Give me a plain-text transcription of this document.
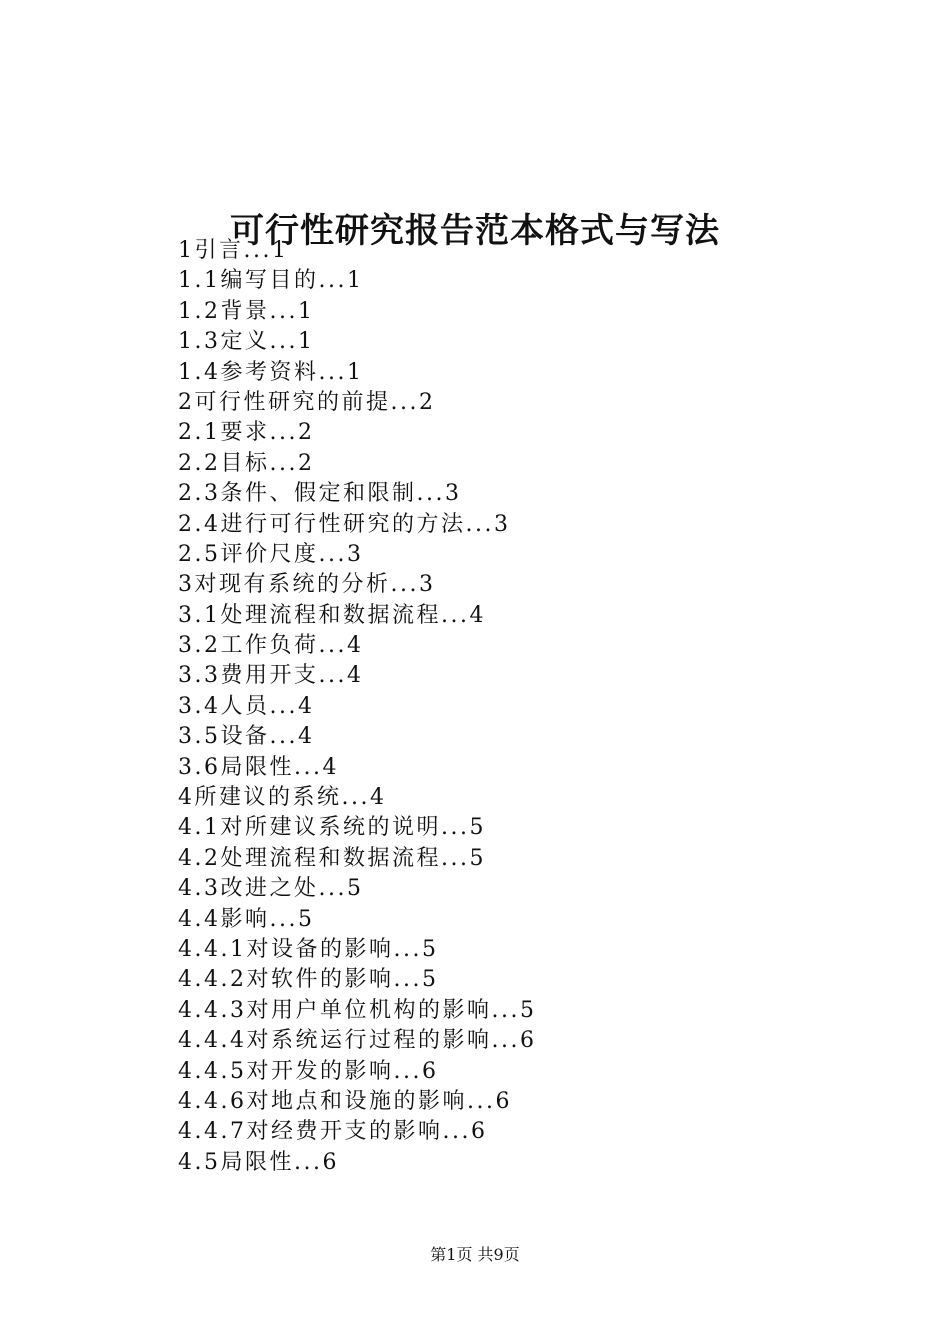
可行性研究报告范本格式与写法
1引言...1
1.1编写目的...1
1.2背景...1
1.3定义...1
1.4参考资料...1
2可行性研究的前提...2
2.1要求...2
2.2目标...2
2.3条件、假定和限制...3
2.4进行可行性研究的方法...3
2.5评价尺度...3
3对现有系统的分析...3
3.1处理流程和数据流程...4
3.2工作负荷...4
3.3费用开支...4
3.4人员...4
3.5设备...4
3.6局限性...4
4所建议的系统...4
4.1对所建议系统的说明...5
4.2处理流程和数据流程...5
4.3改进之处...5
4.4影响...5
4.4.1对设备的影响...5
4.4.2对软件的影响...5
4.4.3对用户单位机构的影响...5
4.4.4对系统运行过程的影响...6
4.4.5对开发的影响...6
4.4.6对地点和设施的影响...6
4.4.7对经费开支的影响...6
4.5局限性...6
第1页 共9页
